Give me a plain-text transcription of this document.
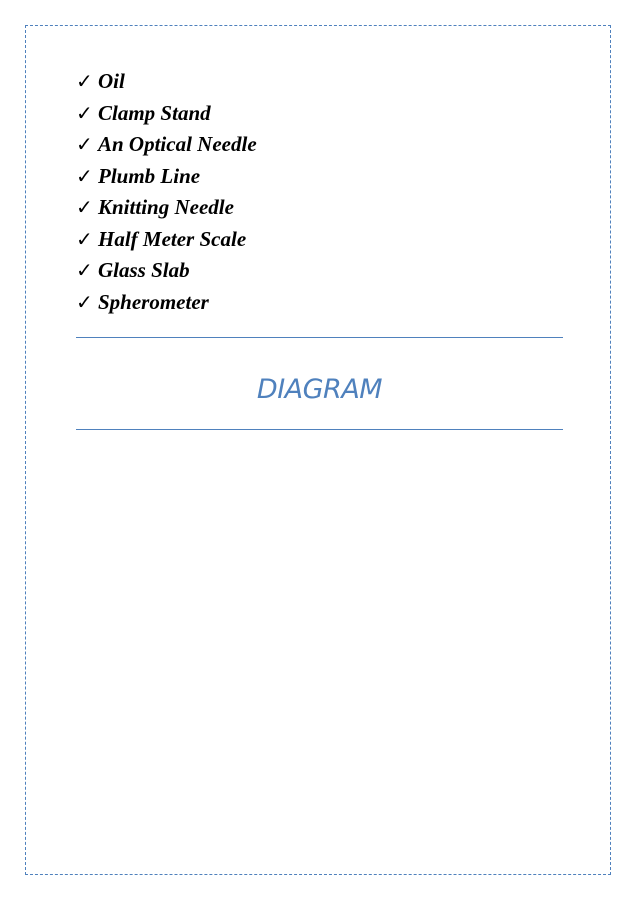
✓ Oil
✓ Clamp Stand
✓ An Optical Needle
✓ Plumb Line
✓ Knitting Needle
✓ Half Meter Scale
✓ Glass Slab
✓ Spherometer
DIAGRAM
